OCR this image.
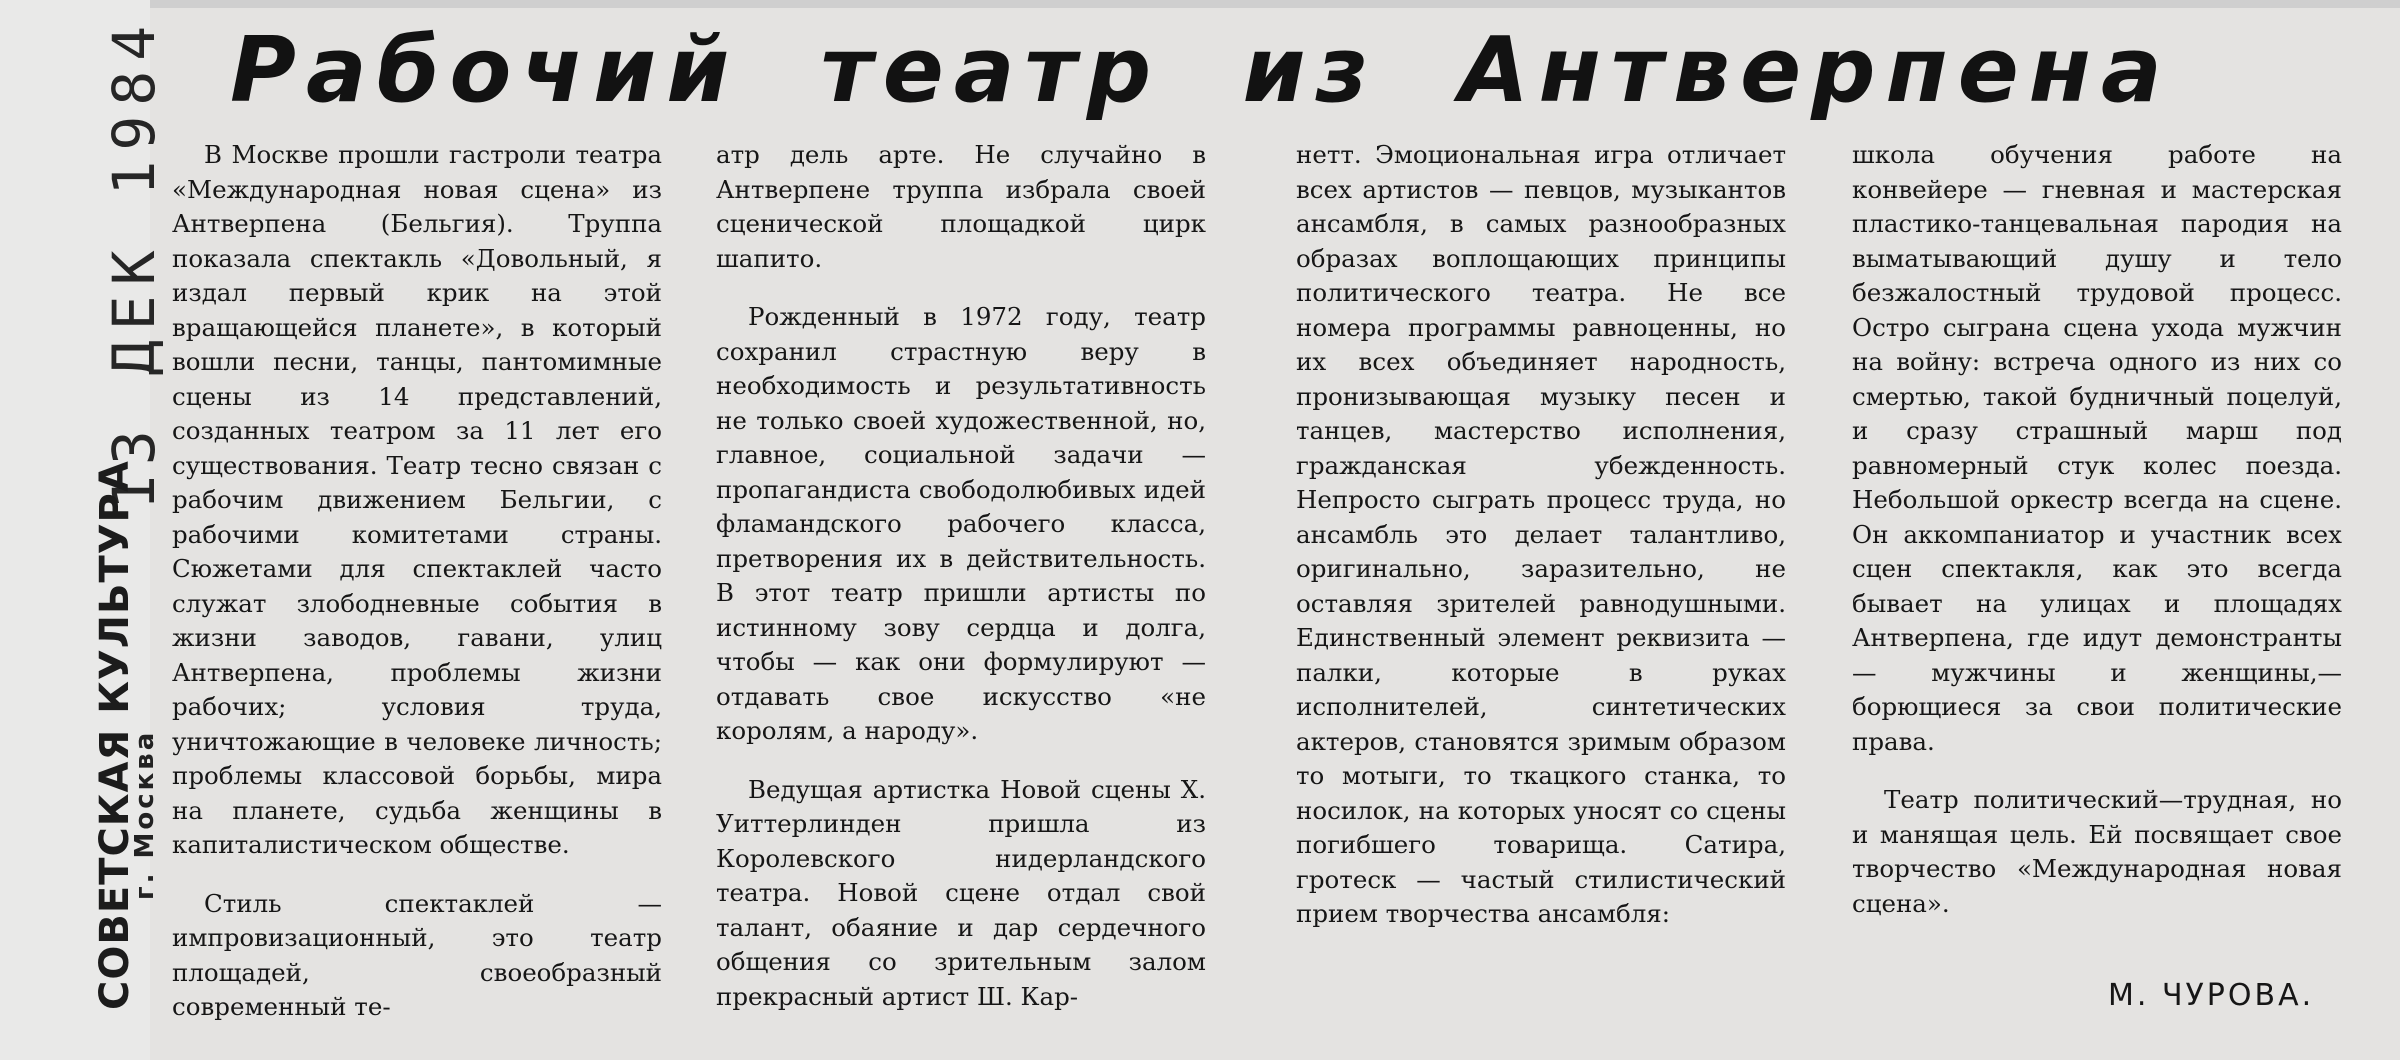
13 ДЕК 1984
СОВЕТСКАЯ КУЛЬТУРА
г. Москва
Рабочий театр из Антверпена

В Москве прошли гастроли театра «Международная новая сцена» из Антверпена (Бельгия). Труппа показала спектакль «Довольный, я издал первый крик на этой вращающейся планете», в который вошли песни, танцы, пантомимные сцены из 14 представлений, созданных театром за 11 лет его существования. Театр тесно связан с рабочим движением Бельгии, с рабочими комитетами страны. Сюжетами для спектаклей часто служат злободневные события в жизни заводов, гавани, улиц Антверпена, проблемы жизни рабочих; условия труда, уничтожающие в человеке личность; проблемы классовой борьбы, мира на планете, судьба женщины в капиталистическом обществе.

Стиль спектаклей — импровизационный, это театр площадей, своеобразный современный те-

атр дель арте. Не случайно в Антверпене труппа избрала своей сценической площадкой цирк шапито.

Рожденный в 1972 году, театр сохранил страстную веру в необходимость и результативность не только своей художественной, но, главное, социальной задачи — пропагандиста свободолюбивых идей фламандского рабочего класса, претворения их в действительность. В этот театр пришли артисты по истинному зову сердца и долга, чтобы — как они формулируют — отдавать свое искусство «не королям, а народу».

Ведущая артистка Новой сцены Х. Уиттерлинден пришла из Королевского нидерландского театра. Новой сцене отдал свой талант, обаяние и дар сердечного общения со зрительным залом прекрасный артист Ш. Кар-

нетт. Эмоциональная игра отличает всех артистов — певцов, музыкантов ансамбля, в самых разнообразных образах воплощающих принципы политического театра. Не все номера программы равноценны, но их всех объединяет народность, пронизывающая музыку песен и танцев, мастерство исполнения, гражданская убежденность. Непросто сыграть процесс труда, но ансамбль это делает талантливо, оригинально, заразительно, не оставляя зрителей равнодушными. Единственный элемент реквизита — палки, которые в руках исполнителей, синтетических актеров, становятся зримым образом то мотыги, то ткацкого станка, то носилок, на которых уносят со сцены погибшего товарища. Сатира, гротеск — частый стилистический прием творчества ансамбля:

школа обучения работе на конвейере — гневная и мастерская пластико-танцевальная пародия на выматывающий душу и тело безжалостный трудовой процесс. Остро сыграна сцена ухода мужчин на войну: встреча одного из них со смертью, такой будничный поцелуй, и сразу страшный марш под равномерный стук колес поезда. Небольшой оркестр всегда на сцене. Он аккомпаниатор и участник всех сцен спектакля, как это всегда бывает на улицах и площадях Антверпена, где идут демонстранты — мужчины и женщины,— борющиеся за свои политические права.

Театр политический—трудная, но и манящая цель. Ей посвящает свое творчество «Международная новая сцена».

М. ЧУРОВА.
